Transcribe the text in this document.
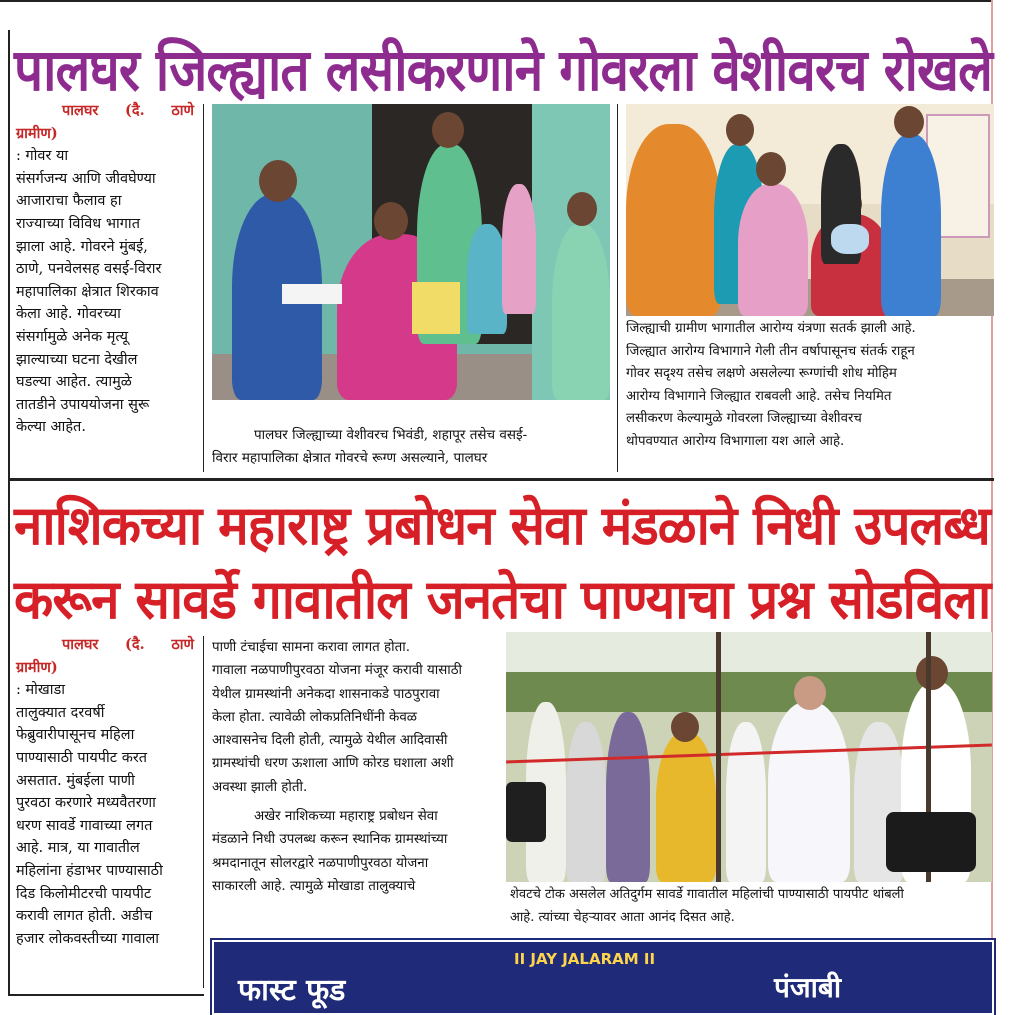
पालघर जिल्ह्यात लसीकरणाने गोवरला वेशीवरच रोखले
पालघर (दै. ठाणे ग्रामीण)
: गोवर या
संसर्गजन्य आणि जीवघेण्या
आजाराचा फैलाव हा
राज्याच्या विविध भागात
झाला आहे. गोवरने मुंबई,
ठाणे, पनवेलसह वसई-विरार
महापालिका क्षेत्रात शिरकाव
केला आहे. गोवरच्या
संसर्गामुळे अनेक मृत्यू
झाल्याच्या घटना देखील
घडल्या आहेत. त्यामुळे
तातडीने उपाययोजना सुरू
केल्या आहेत.	पालघर जिल्ह्याच्या वेशीवरच भिवंडी, शहापूर तसेच वसई-
विरार महापालिका क्षेत्रात गोवरचे रूग्ण असल्याने, पालघर
जिल्ह्याची ग्रामीण भागातील आरोग्य यंत्रणा सतर्क झाली आहे.
जिल्ह्यात आरोग्य विभागाने गेली तीन वर्षापासूनच संतर्क राहून
गोवर सदृश्य तसेच लक्षणे असलेल्या रूग्णांची शोध मोहिम
आरोग्य विभागाने जिल्ह्यात राबवली आहे. तसेच नियमित
लसीकरण केल्यामुळे गोवरला जिल्ह्याच्या वेशीवरच
थोपवण्यात आरोग्य विभागाला यश आले आहे.
नाशिकच्या महाराष्ट्र प्रबोधन सेवा मंडळाने निधी उपलब्ध
करून सावर्डे गावातील जनतेचा पाण्याचा प्रश्न सोडविला
पालघर (दै. ठाणे ग्रामीण)
: मोखाडा
तालुक्यात दरवर्षी
फेब्रुवारीपासूनच महिला
पाण्यासाठी पायपीट करत
असतात. मुंबईला पाणी
पुरवठा करणारे मध्यवैतरणा
धरण सावर्डे गावाच्या लगत
आहे. मात्र, या गावातील
महिलांना हंडाभर पाण्यासाठी
दिड किलोमीटरची पायपीट
करावी लागत होती. अडीच
हजार लोकवस्तीच्या गावाला
पाणी टंचाईचा सामना करावा लागत होता.
गावाला नळपाणीपुरवठा योजना मंजूर करावी यासाठी
येथील ग्रामस्थांनी अनेकदा शासनाकडे पाठपुरावा
केला होता. त्यावेळी लोकप्रतिनिधींनी केवळ
आश्वासनेच दिली होती, त्यामुळे येथील आदिवासी
ग्रामस्थांची धरण ऊशाला आणि कोरड घशाला अशी
अवस्था झाली होती.
अखेर नाशिकच्या महाराष्ट्र प्रबोधन सेवा
मंडळाने निधी उपलब्ध करून स्थानिक ग्रामस्थांच्या
श्रमदानातून सोलरद्वारे नळपाणीपुरवठा योजना
साकारली आहे. त्यामुळे मोखाडा तालुक्याचे
शेवटचे टोक असलेल अतिदुर्गम सावर्डे गावातील महिलांची पाण्यासाठी पायपीट थांबली
आहे. त्यांच्या चेहऱ्यावर आता आनंद दिसत आहे.
II JAY JALARAM II
फास्ट फूड	पंजाबी
